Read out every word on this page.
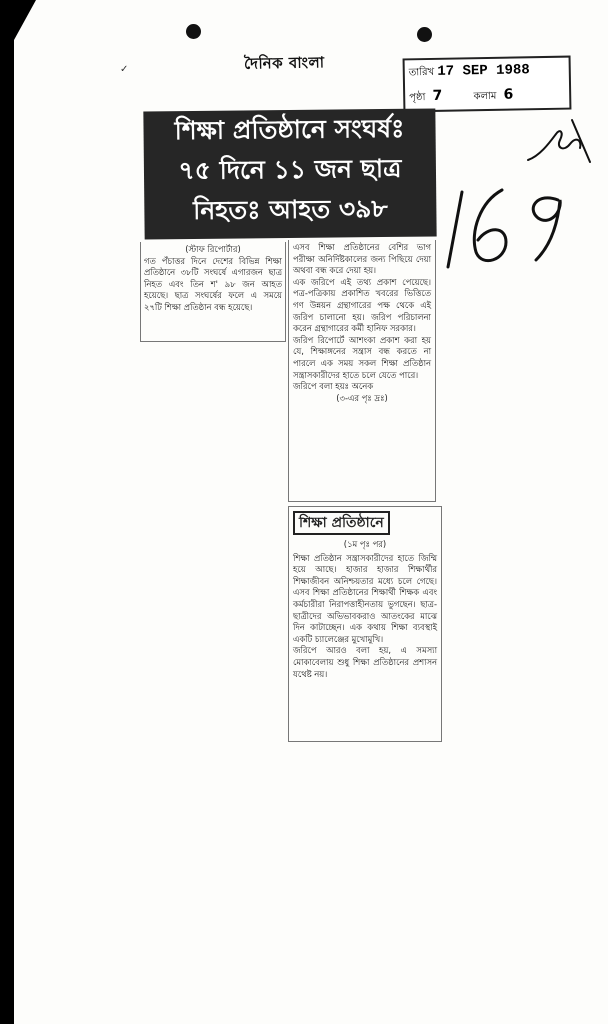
✓	দৈনিক বাংলা	তারিখ 17 SEP 1988
পৃষ্ঠা 7	কলাম 6
শিক্ষা প্রতিষ্ঠানে সংঘর্ষঃ
৭৫ দিনে ১১ জন ছাত্র
নিহতঃ আহত ৩৯৮

(স্টাফ রিপোর্টার)

গত পঁচাত্তর দিনে দেশের বিভিন্ন শিক্ষা প্রতিষ্ঠানে ৩৮টি সংঘর্ষে এগারজন ছাত্র নিহত এবং তিন শ' ৯৮ জন আহত হয়েছে। ছাত্র সংঘর্ষের ফলে এ সময়ে ২৭টি শিক্ষা প্রতিষ্ঠান বন্ধ হয়েছে।

এসব শিক্ষা প্রতিষ্ঠানের বেশির ভাগ পরীক্ষা অনির্দিষ্টকালের জন্য পিছিয়ে দেয়া অথবা বন্ধ করে দেয়া হয়।

এক জরিপে এই তথ্য প্রকাশ পেয়েছে। পত্র-পত্রিকায় প্রকাশিত খবরের ভিত্তিতে গণ উন্নয়ন গ্রন্থাগারের পক্ষ থেকে এই জরিপ চালানো হয়। জরিপ পরিচালনা করেন গ্রন্থাগারের কর্মী হানিফ সরকার।

জরিপ রিপোর্টে আশংকা প্রকাশ করা হয় যে, শিক্ষাঙ্গনের সন্ত্রাস বন্ধ করতে না পারলে এক সময় সকল শিক্ষা প্রতিষ্ঠান সন্ত্রাসকারীদের হাতে চলে যেতে পারে।

জরিপে বলা হয়ঃ অনেক

(৩-এর পৃঃ দ্রঃ)

শিক্ষা প্রতিষ্ঠানে
(১ম পৃঃ পর)

শিক্ষা প্রতিষ্ঠান সন্ত্রাসকারীদের হাতে জিম্মি হয়ে আছে। হাজার হাজার শিক্ষার্থীর শিক্ষাজীবন অনিশ্চয়তার মধ্যে চলে গেছে। এসব শিক্ষা প্রতিষ্ঠানের শিক্ষার্থী শিক্ষক এবং কর্মচারীরা নিরাপত্তাহীনতায় ভুগছেন। ছাত্র-ছাত্রীদের অভিভাবকরাও আতংকের মাঝে দিন কাটাচ্ছেন। এক কথায় শিক্ষা ব্যবস্থাই একটি চ্যালেঞ্জের মুখোমুখি।

জরিপে আরও বলা হয়, এ সমস্যা মোকাবেলায় শুধু শিক্ষা প্রতিষ্ঠানের প্রশাসন যথেষ্ট নয়।
